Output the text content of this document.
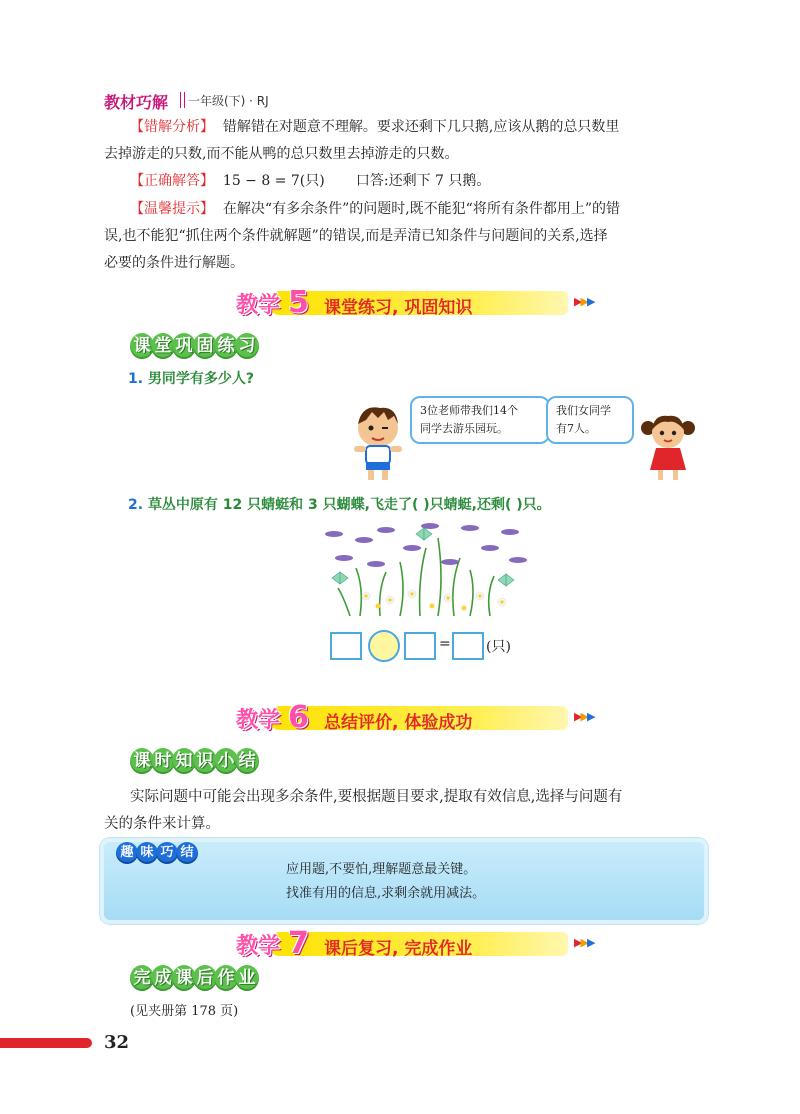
教材巧解 一年级(下) · RJ
【错解分析】 错解错在对题意不理解。要求还剩下几只鹅,应该从鹅的总只数里
去掉游走的只数,而不能从鸭的总只数里去掉游走的只数。
【正确解答】 15 − 8 = 7(只) 口答:还剩下 7 只鹅。
【温馨提示】 在解决“有多余条件”的问题时,既不能犯“将所有条件都用上”的错
误,也不能犯“抓住两个条件就解题”的错误,而是弄清已知条件与问题间的关系,选择
必要的条件进行解题。
教学 5 课堂练习, 巩固知识	▶▶▶
课 堂 巩 固 练 习
1. 男同学有多少人?
3位老师带我们14个
同学去游乐园玩。
我们女同学
有7人。
2. 草丛中原有 12 只蜻蜓和 3 只蝴蝶,飞走了( )只蜻蜓,还剩( )只。
=	(只)
教学 6 总结评价, 体验成功	▶▶▶
课 时 知 识 小 结
实际问题中可能会出现多余条件,要根据题目要求,提取有效信息,选择与问题有
关的条件来计算。
趣 味 巧 结
应用题,不要怕,理解题意最关键。
找准有用的信息,求剩余就用减法。
教学 7 课后复习, 完成作业	▶▶▶
完 成 课 后 作 业
(见夹册第 178 页)
32
